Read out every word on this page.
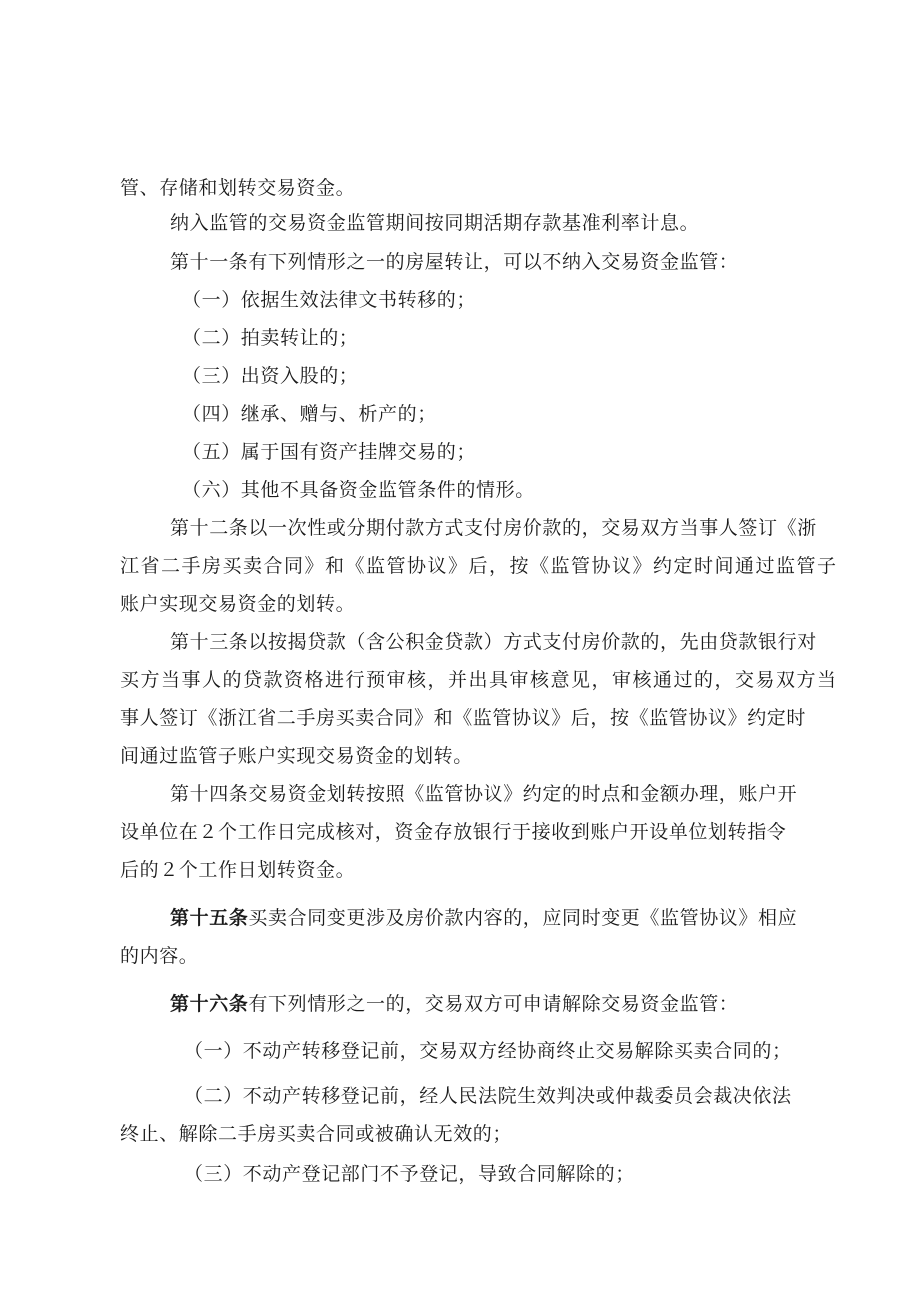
管、存储和划转交易资金。
纳入监管的交易资金监管期间按同期活期存款基准利率计息。
第十一条有下列情形之一的房屋转让，可以不纳入交易资金监管：
（一）依据生效法律文书转移的；
（二）拍卖转让的；
（三）出资入股的；
（四）继承、赠与、析产的；
（五）属于国有资产挂牌交易的；
（六）其他不具备资金监管条件的情形。
第十二条以一次性或分期付款方式支付房价款的，交易双方当事人签订《浙
江省二手房买卖合同》和《监管协议》后，按《监管协议》约定时间通过监管子
账户实现交易资金的划转。
第十三条以按揭贷款（含公积金贷款）方式支付房价款的，先由贷款银行对
买方当事人的贷款资格进行预审核，并出具审核意见，审核通过的，交易双方当
事人签订《浙江省二手房买卖合同》和《监管协议》后，按《监管协议》约定时
间通过监管子账户实现交易资金的划转。
第十四条交易资金划转按照《监管协议》约定的时点和金额办理，账户开
设单位在２个工作日完成核对，资金存放银行于接收到账户开设单位划转指令
后的２个工作日划转资金。
第十五条买卖合同变更涉及房价款内容的，应同时变更《监管协议》相应
的内容。
第十六条有下列情形之一的，交易双方可申请解除交易资金监管：
（一）不动产转移登记前，交易双方经协商终止交易解除买卖合同的；
（二）不动产转移登记前，经人民法院生效判决或仲裁委员会裁决依法
终止、解除二手房买卖合同或被确认无效的；
（三）不动产登记部门不予登记，导致合同解除的；
